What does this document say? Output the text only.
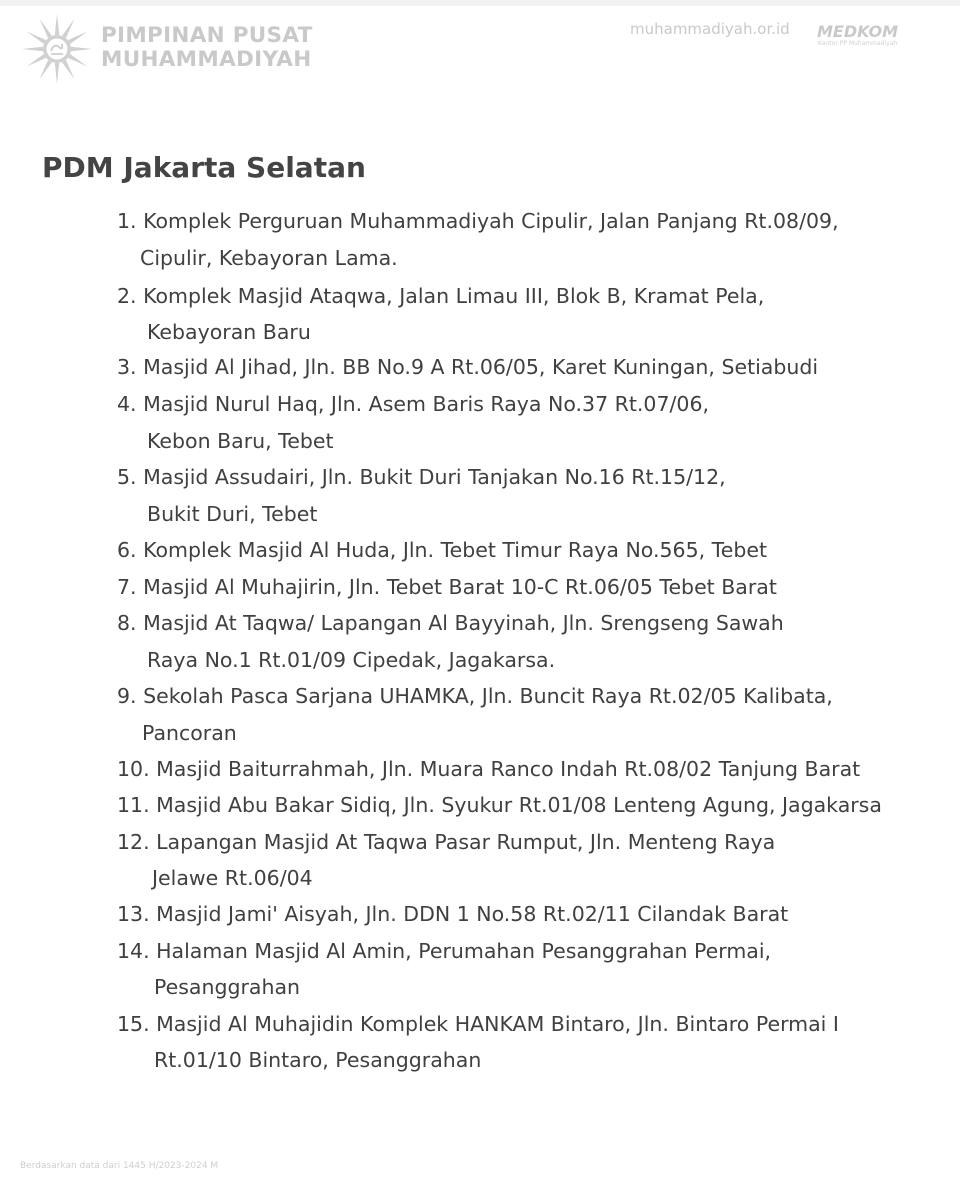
PIMPINAN PUSAT
MUHAMMADIYAH
muhammadiyah.or.id MEDKOM
Kantor PP Muhammadiyah
PDM Jakarta Selatan
1. Komplek Perguruan Muhammadiyah Cipulir, Jalan Panjang Rt.08/09,
Cipulir, Kebayoran Lama.
2. Komplek Masjid Ataqwa, Jalan Limau III, Blok B, Kramat Pela,
Kebayoran Baru
3. Masjid Al Jihad, Jln. BB No.9 A Rt.06/05, Karet Kuningan, Setiabudi
4. Masjid Nurul Haq, Jln. Asem Baris Raya No.37 Rt.07/06,
Kebon Baru, Tebet
5. Masjid Assudairi, Jln. Bukit Duri Tanjakan No.16 Rt.15/12,
Bukit Duri, Tebet
6. Komplek Masjid Al Huda, Jln. Tebet Timur Raya No.565, Tebet
7. Masjid Al Muhajirin, Jln. Tebet Barat 10-C Rt.06/05 Tebet Barat
8. Masjid At Taqwa/ Lapangan Al Bayyinah, Jln. Srengseng Sawah
Raya No.1 Rt.01/09 Cipedak, Jagakarsa.
9. Sekolah Pasca Sarjana UHAMKA, Jln. Buncit Raya Rt.02/05 Kalibata,
Pancoran
10. Masjid Baiturrahmah, Jln. Muara Ranco Indah Rt.08/02 Tanjung Barat
11. Masjid Abu Bakar Sidiq, Jln. Syukur Rt.01/08 Lenteng Agung, Jagakarsa
12. Lapangan Masjid At Taqwa Pasar Rumput, Jln. Menteng Raya
Jelawe Rt.06/04
13. Masjid Jami' Aisyah, Jln. DDN 1 No.58 Rt.02/11 Cilandak Barat
14. Halaman Masjid Al Amin, Perumahan Pesanggrahan Permai,
Pesanggrahan
15. Masjid Al Muhajidin Komplek HANKAM Bintaro, Jln. Bintaro Permai I
Rt.01/10 Bintaro, Pesanggrahan
Berdasarkan data dari 1445 H/2023-2024 M
